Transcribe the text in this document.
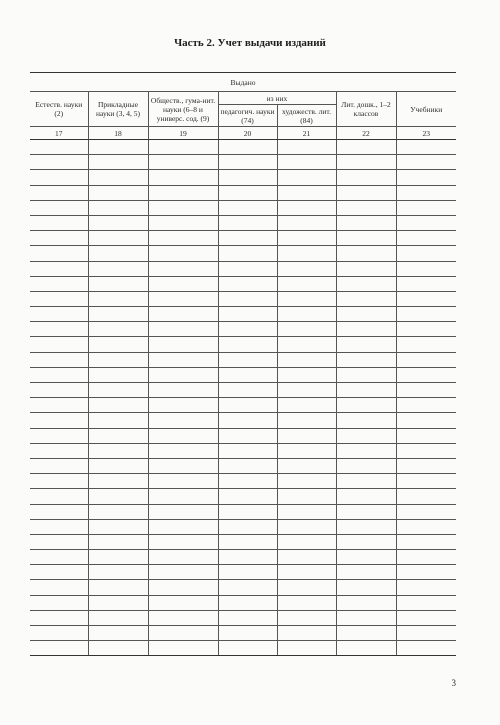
Часть 2. Учет выдачи изданий
Выдано						
Естеств. науки (2)	Прикладные науки (3, 4, 5)	Обществ., гума-нит. науки (6–8 и универс. сод. (9)	из них		Лит. дошк., 1–2 классов	Учебники
			педагогич. науки (74)	художеств. лит. (84)		
17	18	19	20	21	22	23

3
